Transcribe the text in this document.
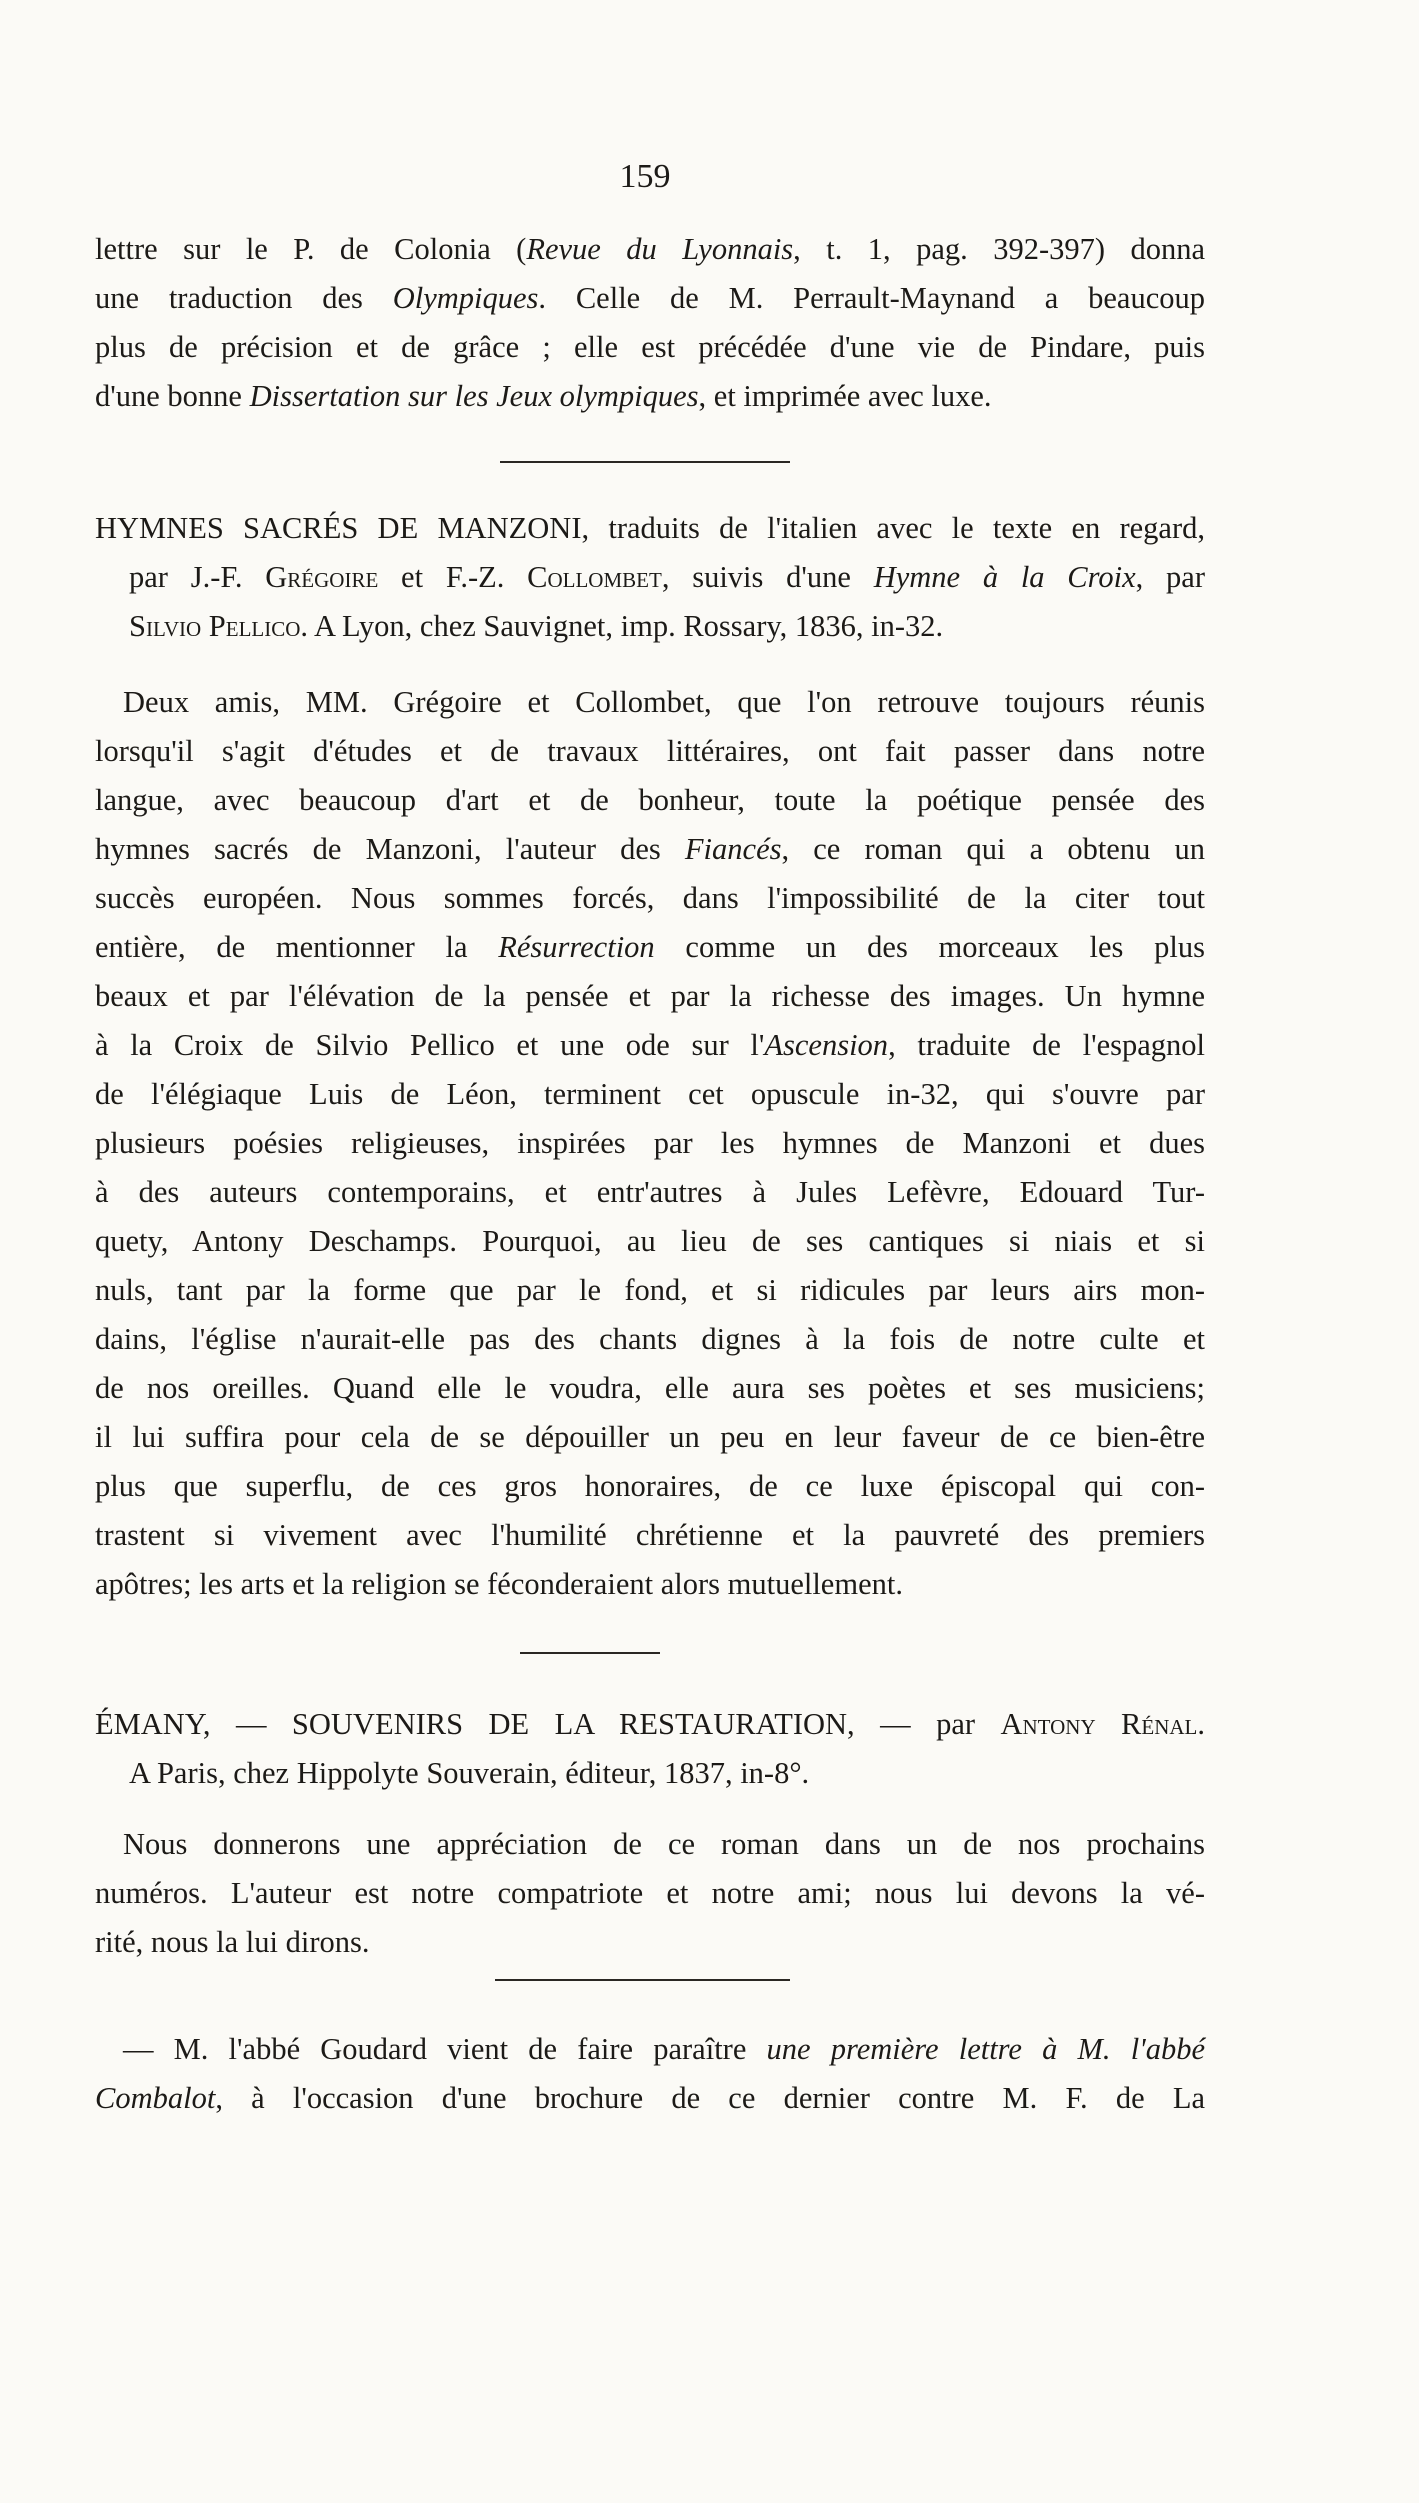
159
lettre sur le P. de Colonia (Revue du Lyonnais, t. 1, pag. 392-397) donna
une traduction des Olympiques. Celle de M. Perrault-Maynand a beaucoup
plus de précision et de grâce ; elle est précédée d'une vie de Pindare, puis
d'une bonne Dissertation sur les Jeux olympiques, et imprimée avec luxe.
HYMNES SACRÉS DE MANZONI, traduits de l'italien avec le texte en regard,
par J.-F. Grégoire et F.-Z. Collombet, suivis d'une Hymne à la Croix, par
Silvio Pellico. A Lyon, chez Sauvignet, imp. Rossary, 1836, in-32.
Deux amis, MM. Grégoire et Collombet, que l'on retrouve toujours réunis
lorsqu'il s'agit d'études et de travaux littéraires, ont fait passer dans notre
langue, avec beaucoup d'art et de bonheur, toute la poétique pensée des
hymnes sacrés de Manzoni, l'auteur des Fiancés, ce roman qui a obtenu un
succès européen. Nous sommes forcés, dans l'impossibilité de la citer tout
entière, de mentionner la Résurrection comme un des morceaux les plus
beaux et par l'élévation de la pensée et par la richesse des images. Un hymne
à la Croix de Silvio Pellico et une ode sur l'Ascension, traduite de l'espagnol
de l'élégiaque Luis de Léon, terminent cet opuscule in-32, qui s'ouvre par
plusieurs poésies religieuses, inspirées par les hymnes de Manzoni et dues
à des auteurs contemporains, et entr'autres à Jules Lefèvre, Edouard Tur-
quety, Antony Deschamps. Pourquoi, au lieu de ses cantiques si niais et si
nuls, tant par la forme que par le fond, et si ridicules par leurs airs mon-
dains, l'église n'aurait-elle pas des chants dignes à la fois de notre culte et
de nos oreilles. Quand elle le voudra, elle aura ses poètes et ses musiciens;
il lui suffira pour cela de se dépouiller un peu en leur faveur de ce bien-être
plus que superflu, de ces gros honoraires, de ce luxe épiscopal qui con-
trastent si vivement avec l'humilité chrétienne et la pauvreté des premiers
apôtres; les arts et la religion se féconderaient alors mutuellement.
ÉMANY, — SOUVENIRS DE LA RESTAURATION, — par Antony Rénal.
A Paris, chez Hippolyte Souverain, éditeur, 1837, in-8°.
Nous donnerons une appréciation de ce roman dans un de nos prochains
numéros. L'auteur est notre compatriote et notre ami; nous lui devons la vé-
rité, nous la lui dirons.
— M. l'abbé Goudard vient de faire paraître une première lettre à M. l'abbé
Combalot, à l'occasion d'une brochure de ce dernier contre M. F. de La
